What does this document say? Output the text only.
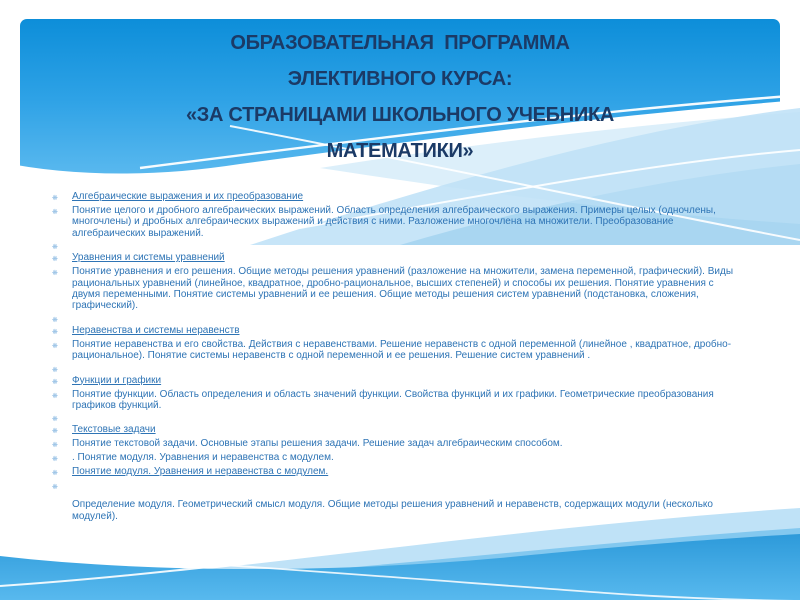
ОБРАЗОВАТЕЛЬНАЯ  ПРОГРАММА
ЭЛЕКТИВНОГО КУРСА:
«ЗА СТРАНИЦАМИ ШКОЛЬНОГО УЧЕБНИКА
МАТЕМАТИКИ»
❋	Алгебраические выражения и их преобразование
❋	Понятие целого и дробного алгебраических выражений. Область определения алгебраического выражения. Примеры целых (одночлены, многочлены) и дробных алгебраических выражений и действия с ними. Разложение многочлена на множители. Преобразование алгебраических выражений.
❋
❋	Уравнения и системы уравнений
❋	Понятие уравнения и его решения. Общие методы решения уравнений (разложение на множители, замена переменной, графический). Виды рациональных уравнений (линейное, квадратное, дробно-рациональное, высших степеней) и способы их решения. Понятие уравнения с двумя переменными. Понятие системы уравнений и ее решения. Общие методы решения систем уравнений (подстановка, сложения, графический).
❋
❋	Неравенства и системы неравенств
❋	Понятие неравенства и его свойства. Действия с неравенствами. Решение неравенств с одной переменной (линейное , квадратное, дробно-рациональное). Понятие системы неравенств с одной переменной и ее решения. Решение систем уравнений .
❋
❋	Функции и графики
❋	Понятие функции. Область определения и область значений функции. Свойства функций и их графики. Геометрические преобразования графиков функций.
❋
❋	Текстовые задачи
❋	Понятие текстовой задачи. Основные этапы решения задачи. Решение задач алгебраическим способом.
❋	. Понятие модуля. Уравнения и неравенства с модулем.
❋	Понятие модуля. Уравнения и неравенства с модулем.
❋
Определение модуля. Геометрический смысл модуля. Общие методы решения уравнений и неравенств, содержащих модули (несколько модулей).
